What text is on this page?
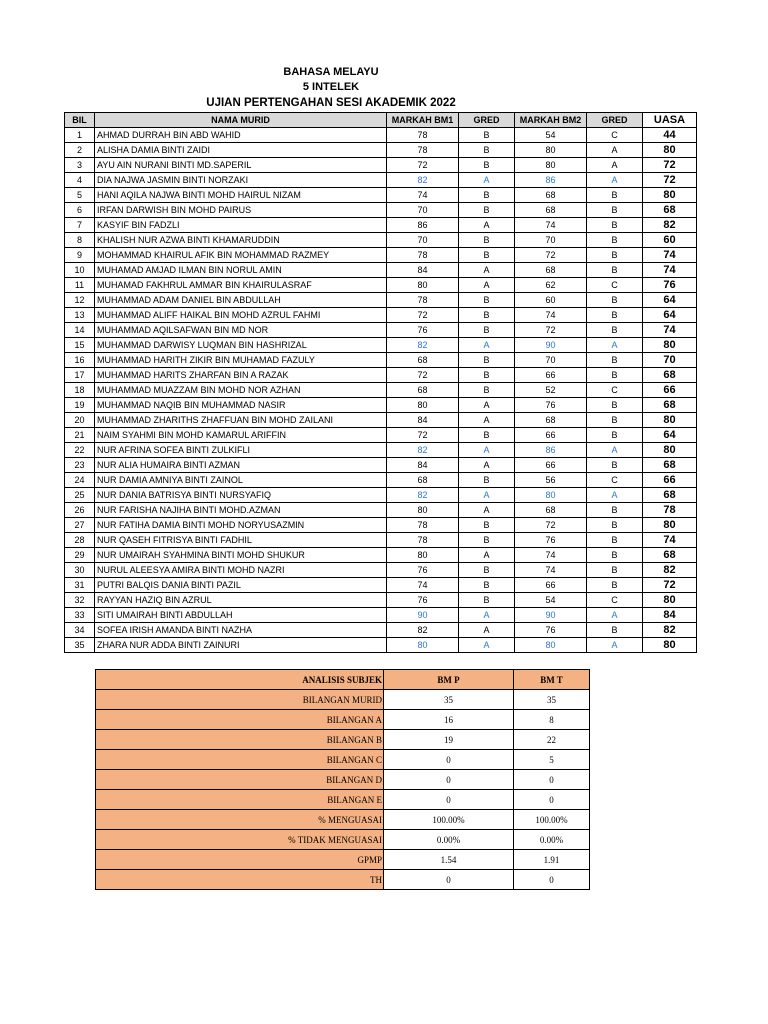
BAHASA MELAYU
5 INTELEK
UJIAN PERTENGAHAN SESI AKADEMIK 2022
BIL	NAMA MURID	MARKAH BM1	GRED	MARKAH BM2	GRED	UASA
1	AHMAD DURRAH BIN ABD WAHID	78	B	54	C	44
2	ALISHA DAMIA BINTI ZAIDI	78	B	80	A	80
3	AYU AIN NURANI BINTI MD.SAPERIL	72	B	80	A	72
4	DIA NAJWA JASMIN BINTI NORZAKI	82	A	86	A	72
5	HANI AQILA NAJWA BINTI MOHD HAIRUL NIZAM	74	B	68	B	80
6	IRFAN DARWISH BIN MOHD PAIRUS	70	B	68	B	68
7	KASYIF BIN FADZLI	86	A	74	B	82
8	KHALISH NUR AZWA BINTI KHAMARUDDIN	70	B	70	B	60
9	MOHAMMAD KHAIRUL AFIK BIN MOHAMMAD RAZMEY	78	B	72	B	74
10	MUHAMAD AMJAD ILMAN BIN NORUL AMIN	84	A	68	B	74
11	MUHAMAD FAKHRUL AMMAR BIN KHAIRULASRAF	80	A	62	C	76
12	MUHAMMAD ADAM DANIEL BIN ABDULLAH	78	B	60	B	64
13	MUHAMMAD ALIFF HAIKAL BIN MOHD AZRUL FAHMI	72	B	74	B	64
14	MUHAMMAD AQILSAFWAN BIN MD NOR	76	B	72	B	74
15	MUHAMMAD DARWISY LUQMAN BIN HASHRIZAL	82	A	90	A	80
16	MUHAMMAD HARITH ZIKIR BIN MUHAMAD FAZULY	68	B	70	B	70
17	MUHAMMAD HARITS ZHARFAN BIN A RAZAK	72	B	66	B	68
18	MUHAMMAD MUAZZAM BIN MOHD NOR AZHAN	68	B	52	C	66
19	MUHAMMAD NAQIB BIN MUHAMMAD NASIR	80	A	76	B	68
20	MUHAMMAD ZHARITHS ZHAFFUAN BIN MOHD ZAILANI	84	A	68	B	80
21	NAIM SYAHMI BIN MOHD KAMARUL ARIFFIN	72	B	66	B	64
22	NUR AFRINA SOFEA BINTI ZULKIFLI	82	A	86	A	80
23	NUR ALIA HUMAIRA BINTI AZMAN	84	A	66	B	68
24	NUR DAMIA AMNIYA BINTI ZAINOL	68	B	56	C	66
25	NUR DANIA BATRISYA BINTI NURSYAFIQ	82	A	80	A	68
26	NUR FARISHA NAJIHA BINTI MOHD.AZMAN	80	A	68	B	78
27	NUR FATIHA DAMIA BINTI MOHD NORYUSAZMIN	78	B	72	B	80
28	NUR QASEH FITRISYA BINTI FADHIL	78	B	76	B	74
29	NUR UMAIRAH SYAHMINA BINTI MOHD SHUKUR	80	A	74	B	68
30	NURUL ALEESYA AMIRA BINTI MOHD NAZRI	76	B	74	B	82
31	PUTRI BALQIS DANIA BINTI PAZIL	74	B	66	B	72
32	RAYYAN HAZIQ BIN AZRUL	76	B	54	C	80
33	SITI UMAIRAH BINTI ABDULLAH	90	A	90	A	84
34	SOFEA IRISH AMANDA BINTI NAZHA	82	A	76	B	82
35	ZHARA NUR ADDA BINTI ZAINURI	80	A	80	A	80
ANALISIS SUBJEK	BM P	BM T
BILANGAN MURID	35	35
BILANGAN A	16	8
BILANGAN B	19	22
BILANGAN C	0	5
BILANGAN D	0	0
BILANGAN E	0	0
% MENGUASAI	100.00%	100.00%
% TIDAK MENGUASAI	0.00%	0.00%
GPMP	1.54	1.91
TH	0	0
